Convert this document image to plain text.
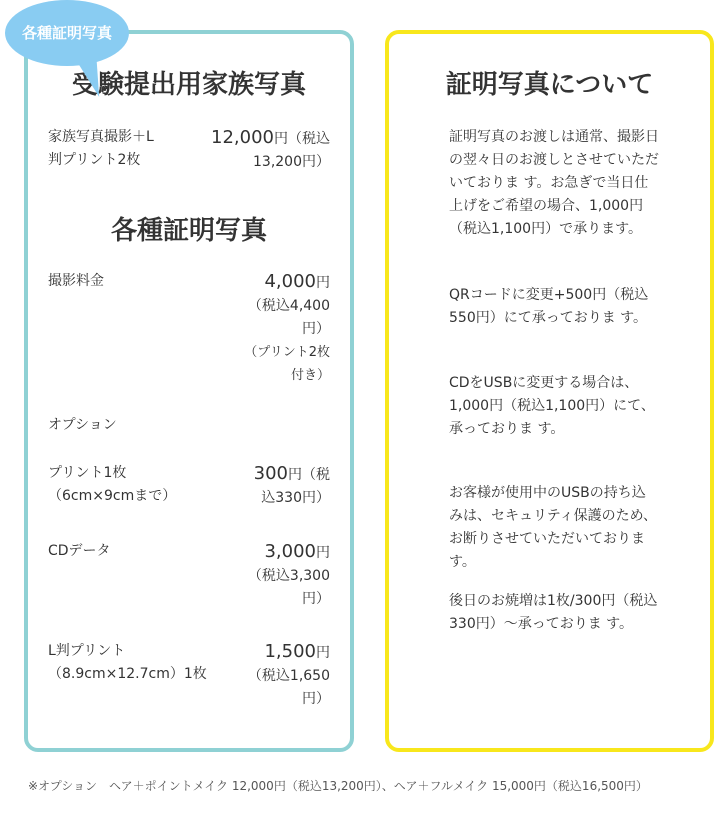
受験提出用家族写真
家族写真撮影＋L
判プリント2枚
12,000円（税込
13,200円）
各種証明写真
撮影料金	4,000円
（税込4,400
円）
（プリント2枚
付き）
オプション
プリント1枚
（6cm×9cmまで）
300円（税
込330円）
CDデータ	3,000円
（税込3,300
円）
L判プリント
（8.9cm×12.7cm）1枚
1,500円
（税込1,650
円）
各種証明写真
証明写真について
証明写真のお渡しは通常、撮影日の翌々日のお渡しとさせていただいておりま す。お急ぎで当日仕上げをご希望の場合、1,000円（税込1,100円）で承ります。
QRコードに変更+500円（税込550円）にて承っておりま す。
CDをUSBに変更する場合は、1,000円（税込1,100円）にて、承っておりま す。
お客様が使用中のUSBの持ち込みは、セキュリティ保護のため、お断りさせていただいております。
後日のお焼増は1枚/300円（税込330円）〜承っておりま す。
※オプション　ヘア＋ポイントメイク 12,000円（税込13,200円）、ヘア＋フルメイク 15,000円（税込16,500円）
